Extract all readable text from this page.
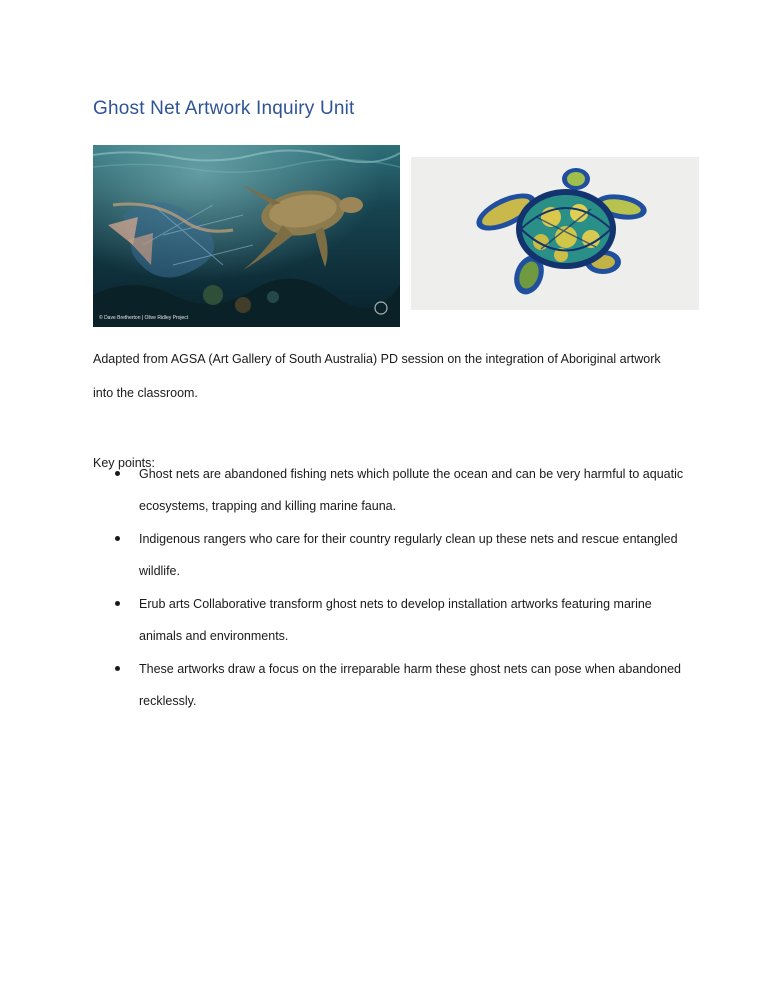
Ghost Net Artwork Inquiry Unit
© Dave Bretherton | Olive Ridley Project

Adapted from AGSA (Art Gallery of South Australia) PD session on the integration of Aboriginal artwork into the classroom.

Key points:

Ghost nets are abandoned fishing nets which pollute the ocean and can be very harmful to aquatic ecosystems, trapping and killing marine fauna.
Indigenous rangers who care for their country regularly clean up these nets and rescue entangled wildlife.
Erub arts Collaborative transform ghost nets to develop installation artworks featuring marine animals and environments.
These artworks draw a focus on the irreparable harm these ghost nets can pose when abandoned recklessly.
